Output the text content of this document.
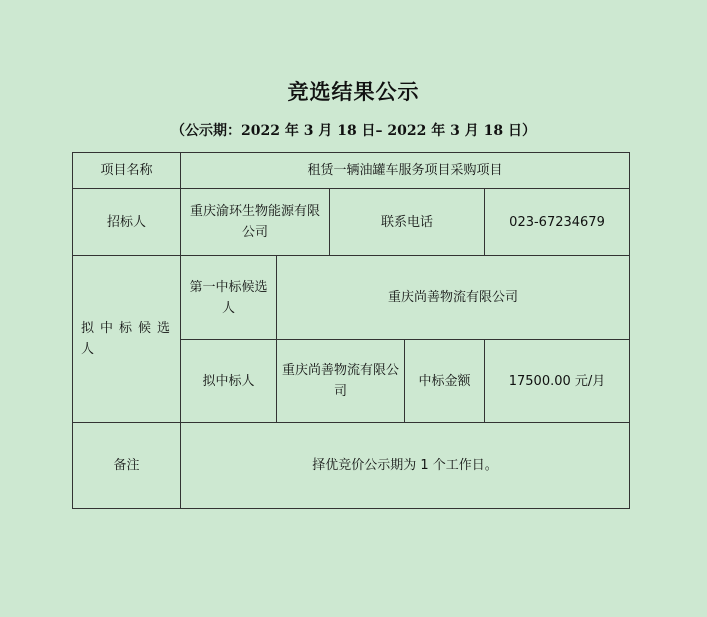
竞选结果公示
（公示期：2022 年 3 月 18 日– 2022 年 3 月 18 日）
项目名称	租赁一辆油罐车服务项目采购项目				
招标人	重庆渝环生物能源有限公司		联系电话		023-67234679
拟中标候选人	第一中标候选人	重庆尚善物流有限公司			
	拟中标人	重庆尚善物流有限公司		中标金额	17500.00 元/月
备注	择优竞价公示期为 1 个工作日。				
